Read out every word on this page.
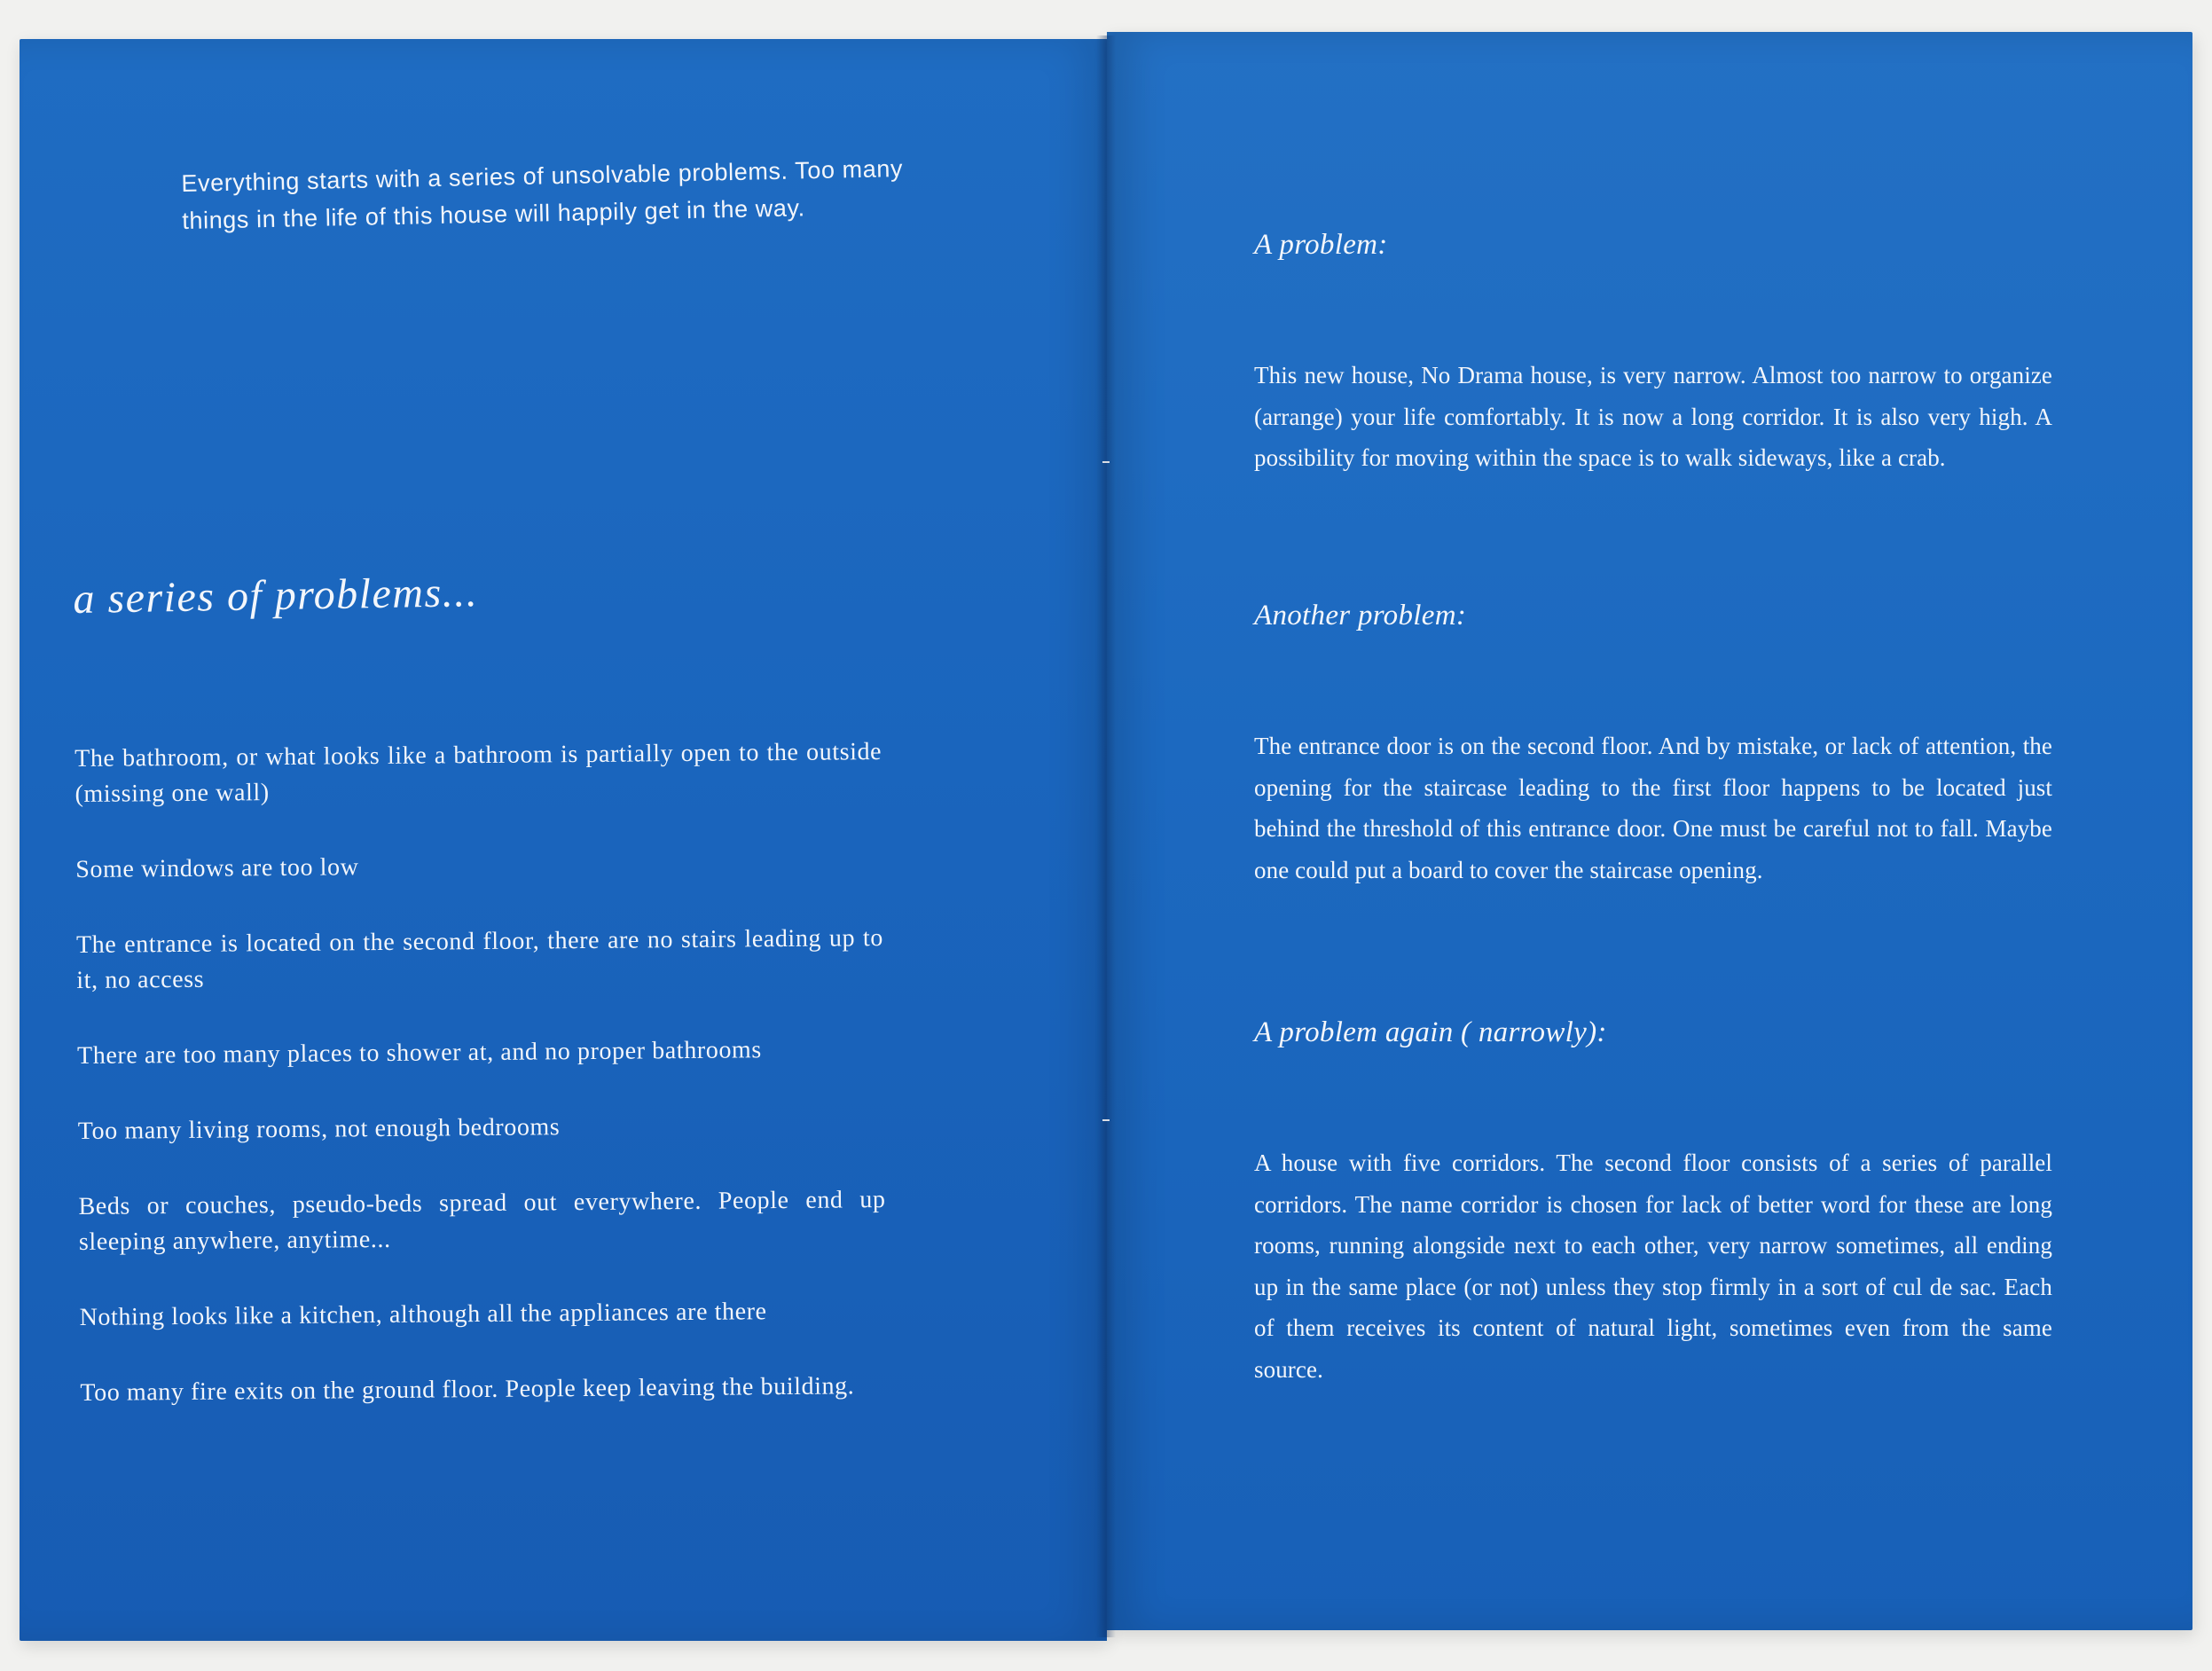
Everything starts with a series of unsolvable problems. Too many things in the life of this house will happily get in the way.
a series of problems...
The bathroom, or what looks like a bathroom is partially open to the outside (missing one wall)
Some windows are too low
The entrance is located on the second floor, there are no stairs leading up to it, no access
There are too many places to shower at, and no proper bathrooms
Too many living rooms, not enough bedrooms
Beds or couches, pseudo-beds spread out everywhere. People end up sleeping anywhere, anytime...
Nothing looks like a kitchen, although all the appliances are there
Too many fire exits on the ground floor. People keep leaving the building.
A problem:
This new house, No Drama house, is very narrow. Almost too narrow to organize (arrange) your life comfortably. It is now a long corridor. It is also very high. A possibility for moving within the space is to walk sideways, like a crab.
Another problem:
The entrance door is on the second floor. And by mistake, or lack of attention, the opening for the staircase leading to the first floor happens to be located just behind the threshold of this entrance door. One must be careful not to fall. Maybe one could put a board to cover the staircase opening.
A problem again ( narrowly):
A house with five corridors. The second floor consists of a series of parallel corridors. The name corridor is chosen for lack of better word for these are long rooms, running alongside next to each other, very narrow sometimes, all ending up in the same place (or not) unless they stop firmly in a sort of cul de sac. Each of them receives its content of natural light, sometimes even from the same source.
